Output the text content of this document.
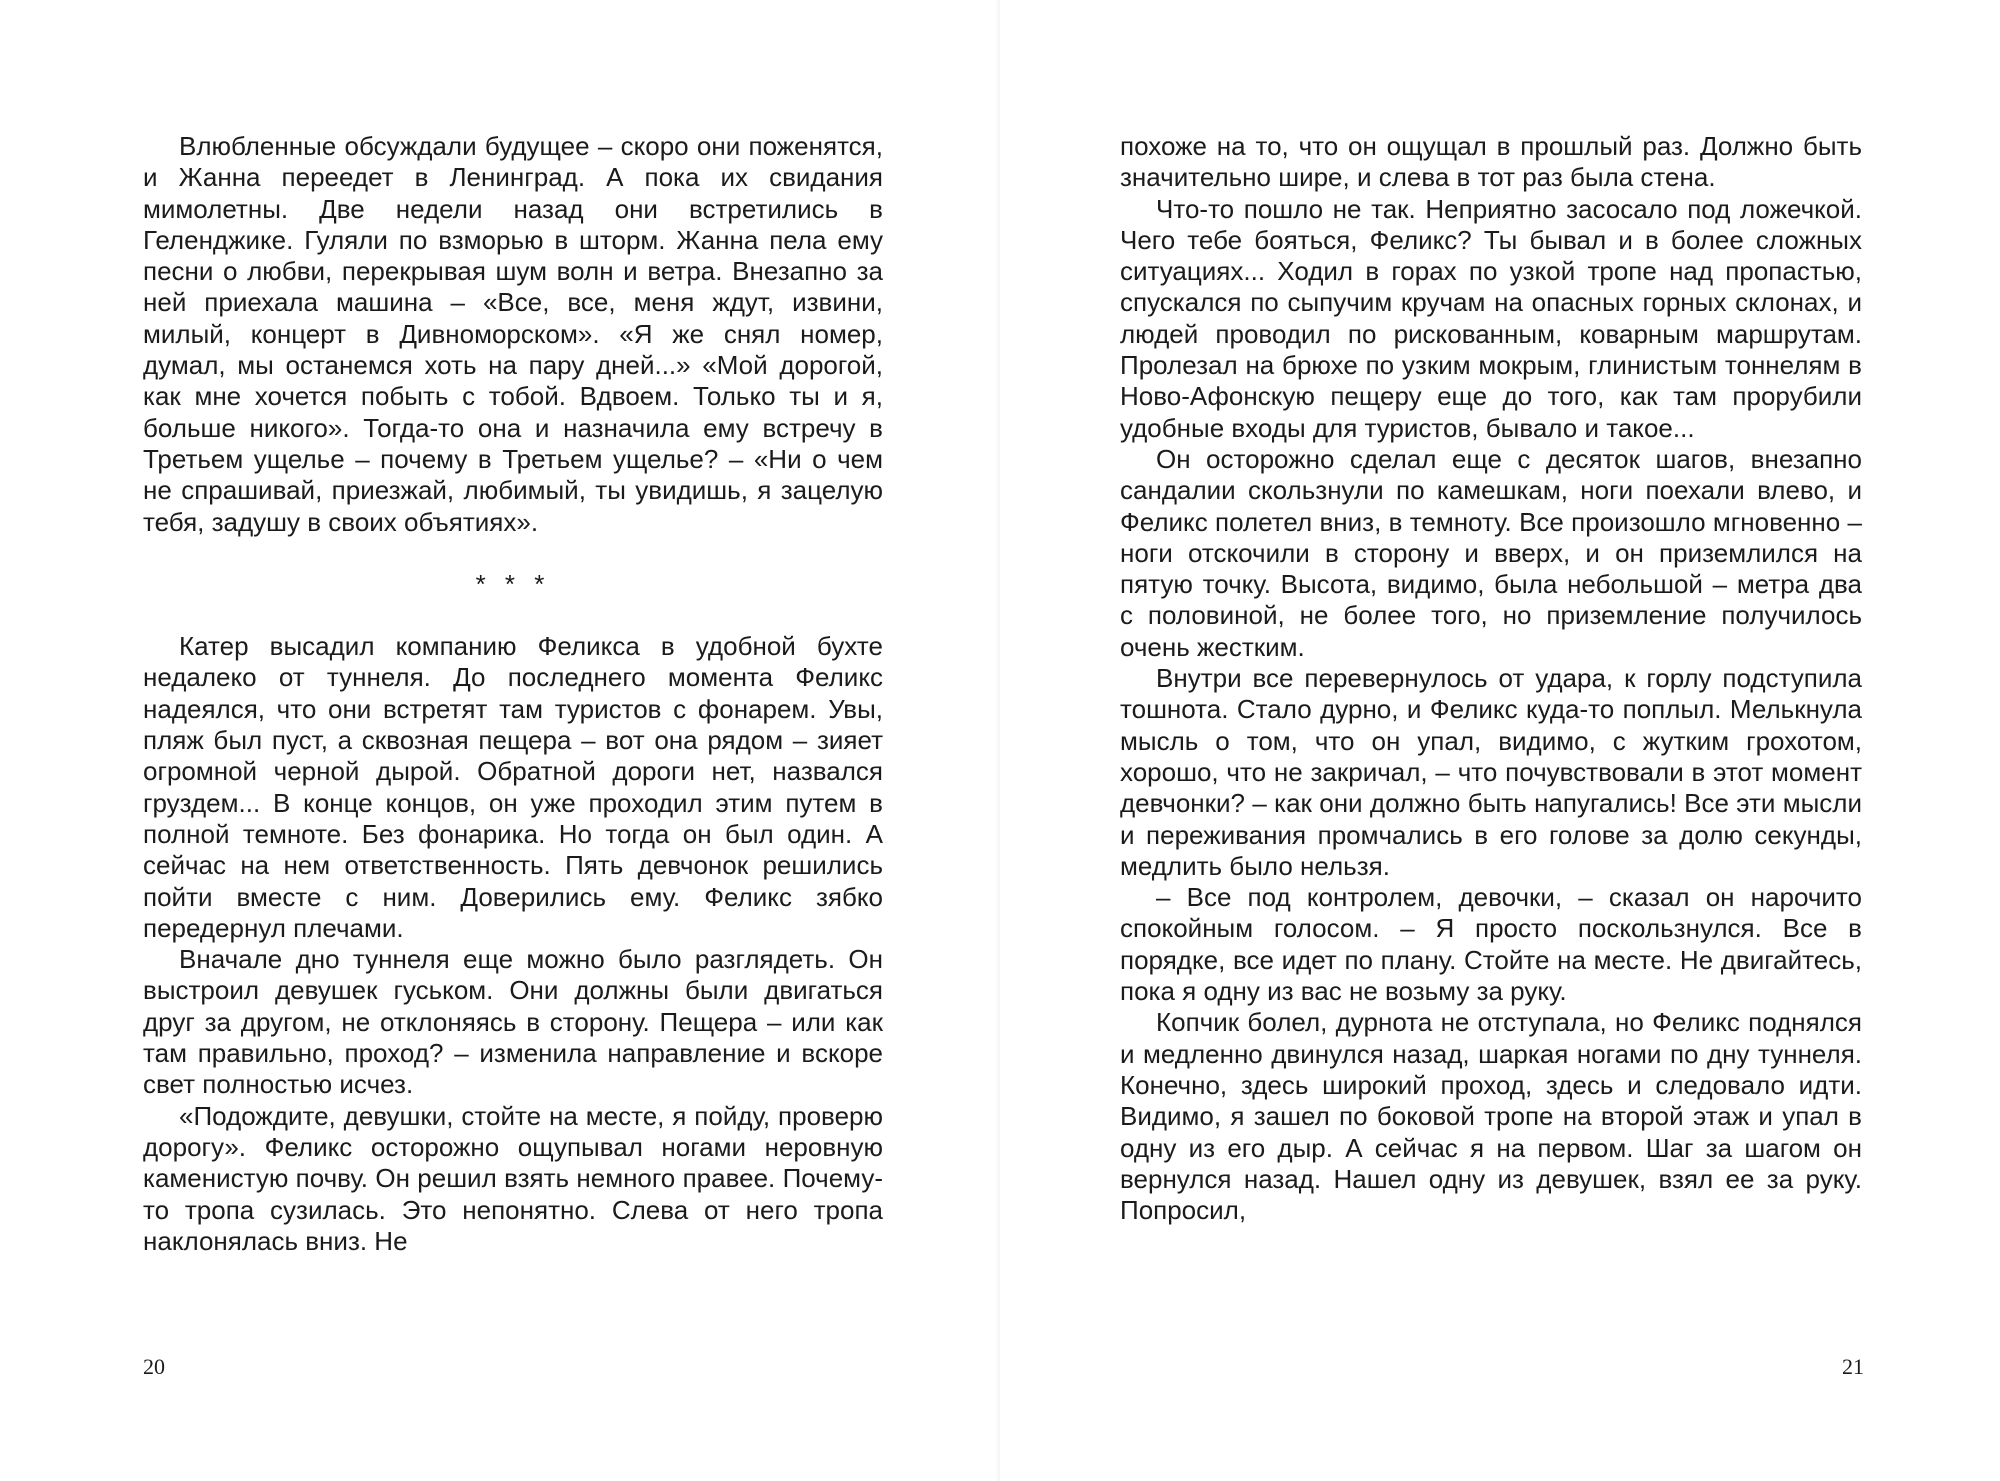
Влюбленные обсуждали будущее – скоро они поженятся, и Жанна переедет в Ленинград. А пока их свидания мимолетны. Две недели назад они встретились в Геленджике. Гуляли по взморью в шторм. Жанна пела ему песни о любви, перекрывая шум волн и ветра. Внезапно за ней приехала машина – «Все, все, меня ждут, извини, милый, концерт в Дивноморском». «Я же снял номер, думал, мы останемся хоть на пару дней...» «Мой дорогой, как мне хочется побыть с тобой. Вдвоем. Только ты и я, больше никого». Тогда-то она и назначила ему встречу в Третьем ущелье – почему в Третьем ущелье? – «Ни о чем не спрашивай, приезжай, любимый, ты увидишь, я зацелую тебя, задушу в своих объятиях».

* * *

Катер высадил компанию Феликса в удобной бухте недалеко от туннеля. До последнего момента Феликс надеялся, что они встретят там туристов с фонарем. Увы, пляж был пуст, а сквозная пещера – вот она рядом – зияет огромной черной дырой. Обратной дороги нет, назвался груздем... В конце концов, он уже проходил этим путем в полной темноте. Без фонарика. Но тогда он был один. А сейчас на нем ответственность. Пять девчонок решились пойти вместе с ним. Доверились ему. Феликс зябко передернул плечами.

Вначале дно туннеля еще можно было разглядеть. Он выстроил девушек гуськом. Они должны были двигаться друг за другом, не отклоняясь в сторону. Пещера – или как там правильно, проход? – изменила направление и вскоре свет полностью исчез.

«Подождите, девушки, стойте на месте, я пойду, проверю дорогу». Феликс осторожно ощупывал ногами неровную каменистую почву. Он решил взять немного правее. Почему-то тропа сузилась. Это непонятно. Слева от него тропа наклонялась вниз. Не

20

похоже на то, что он ощущал в прошлый раз. Должно быть значительно шире, и слева в тот раз была стена.

Что-то пошло не так. Неприятно засосало под ложечкой. Чего тебе бояться, Феликс? Ты бывал и в более сложных ситуациях... Ходил в горах по узкой тропе над пропастью, спускался по сыпучим кручам на опасных горных склонах, и людей проводил по рискованным, коварным маршрутам. Пролезал на брюхе по узким мокрым, глинистым тоннелям в Ново-Афонскую пещеру еще до того, как там прорубили удобные входы для туристов, бывало и такое...

Он осторожно сделал еще с десяток шагов, внезапно сандалии скользнули по камешкам, ноги поехали влево, и Феликс полетел вниз, в темноту. Все произошло мгновенно – ноги отскочили в сторону и вверх, и он приземлился на пятую точку. Высота, видимо, была небольшой – метра два с половиной, не более того, но приземление получилось очень жестким.

Внутри все перевернулось от удара, к горлу подступила тошнота. Стало дурно, и Феликс куда-то поплыл. Мелькнула мысль о том, что он упал, видимо, с жутким грохотом, хорошо, что не закричал, – что почувствовали в этот момент девчонки? – как они должно быть напугались! Все эти мысли и переживания промчались в его голове за долю секунды, медлить было нельзя.

– Все под контролем, девочки, – сказал он нарочито спокойным голосом. – Я просто поскользнулся. Все в порядке, все идет по плану. Стойте на месте. Не двигайтесь, пока я одну из вас не возьму за руку.

Копчик болел, дурнота не отступала, но Феликс поднялся и медленно двинулся назад, шаркая ногами по дну туннеля. Конечно, здесь широкий проход, здесь и следовало идти. Видимо, я зашел по боковой тропе на второй этаж и упал в одну из его дыр. А сейчас я на первом. Шаг за шагом он вернулся назад. Нашел одну из девушек, взял ее за руку. Попросил,

21
